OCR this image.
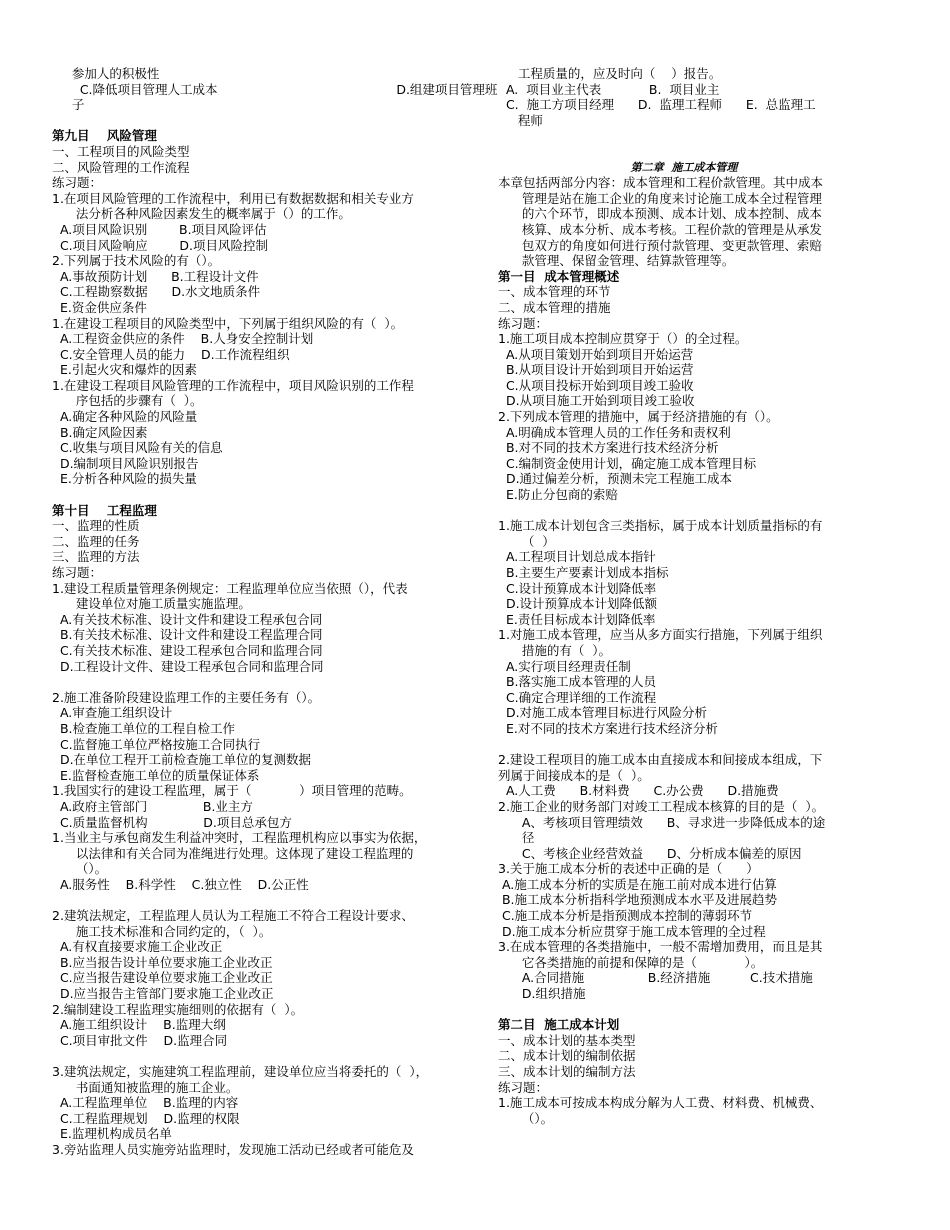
参加人的积极性
C.降低项目管理人工成本                                             D.组建项目管理班
子
第九目    风险管理
一、工程项目的风险类型
二、风险管理的工作流程
练习题：
1.在项目风险管理的工作流程中，利用已有数据数据和相关专业方
法分析各种风险因素发生的概率属于（）的工作。
A.项目风险识别        B.项目风险评估
C.项目风险响应        D.项目风险控制
2.下列属于技术风险的有（）。
A.事故预防计划      B.工程设计文件
C.工程勘察数据      D.水文地质条件
E.资金供应条件
1.在建设工程项目的风险类型中，下列属于组织风险的有（  ）。
A.工程资金供应的条件    B.人身安全控制计划
C.安全管理人员的能力    D.工作流程组织
E.引起火灾和爆炸的因素
1.在建设工程项目风险管理的工作流程中，项目风险识别的工作程
序包括的步骤有（  ）。
A.确定各种风险的风险量
B.确定风险因素
C.收集与项目风险有关的信息
D.编制项目风险识别报告
E.分析各种风险的损失量
第十目    工程监理
一、监理的性质
二、监理的任务
三、监理的方法
练习题：
1.建设工程质量管理条例规定：工程监理单位应当依照（），代表
建设单位对施工质量实施监理。
A.有关技术标准、设计文件和建设工程承包合同
B.有关技术标准、设计文件和建设工程监理合同
C.有关技术标准、建设工程承包合同和监理合同
D.工程设计文件、建设工程承包合同和监理合同
2.施工准备阶段建设监理工作的主要任务有（）。
A.审查施工组织设计
B.检查施工单位的工程自检工作
C.监督施工单位严格按施工合同执行
D.在单位工程开工前检查施工单位的复测数据
E.监督检查施工单位的质量保证体系
1.我国实行的建设工程监理，属于（            ）项目管理的范畴。
A.政府主管部门              B.业主方
C.质量监督机构              D.项目总承包方
1.当业主与承包商发生利益冲突时，工程监理机构应以事实为依据，
以法律和有关合同为准绳进行处理。这体现了建设工程监理的
（）。
A.服务性    B.科学性    C.独立性    D.公正性
2.建筑法规定，工程监理人员认为工程施工不符合工程设计要求、
施工技术标准和合同约定的，（  ）。
A.有权直接要求施工企业改正
B.应当报告设计单位要求施工企业改正
C.应当报告建设单位要求施工企业改正
D.应当报告主管部门要求施工企业改正
2.编制建设工程监理实施细则的依据有（  ）。
A.施工组织设计    B.监理大纲
C.项目审批文件    D.监理合同
3.建筑法规定，实施建筑工程监理前，建设单位应当将委托的（  ），
书面通知被监理的施工企业。
A.工程监理单位    B.监理的内容
C.工程监理规划    D.监理的权限
E.监理机构成员名单
3.旁站监理人员实施旁站监理时，发现施工活动已经或者可能危及
工程质量的，应及时向（    ）报告。
A.  项目业主代表            B.  项目业主
C.  施工方项目经理      D.  监理工程师      E.  总监理工
程师
第二章  施工成本管理
本章包括两部分内容：成本管理和工程价款管理。其中成本
管理是站在施工企业的角度来讨论施工成本全过程管理
的六个环节，即成本预测、成本计划、成本控制、成本
核算、成本分析、成本考核。工程价款的管理是从承发
包双方的角度如何进行预付款管理、变更款管理、索赔
款管理、保留金管理、结算款管理等。
第一目  成本管理概述
一、成本管理的环节
二、成本管理的措施
练习题：
1.施工项目成本控制应贯穿于（）的全过程。
A.从项目策划开始到项目开始运营
B.从项目设计开始到项目开始运营
C.从项目投标开始到项目竣工验收
D.从项目施工开始到项目竣工验收
2.下列成本管理的措施中，属于经济措施的有（）。
A.明确成本管理人员的工作任务和责权利
B.对不同的技术方案进行技术经济分析
C.编制资金使用计划，确定施工成本管理目标
D.通过偏差分析，预测未完工程施工成本
E.防止分包商的索赔
1.施工成本计划包含三类指标，属于成本计划质量指标的有
（  ）
A.工程项目计划总成本指针
B.主要生产要素计划成本指标
C.设计预算成本计划降低率
D.设计预算成本计划降低额
E.责任目标成本计划降低率
1.对施工成本管理，应当从多方面实行措施，下列属于组织
措施的有（  ）。
A.实行项目经理责任制
B.落实施工成本管理的人员
C.确定合理详细的工作流程
D.对施工成本管理目标进行风险分析
E.对不同的技术方案进行技术经济分析
2.建设工程项目的施工成本由直接成本和间接成本组成，下
列属于间接成本的是（  ）。
A.人工费      B.材料费      C.办公费      D.措施费
2.施工企业的财务部门对竣工工程成本核算的目的是（  ）。
A、考核项目管理绩效      B、寻求进一步降低成本的途
径
C、考核企业经营效益      D、分析成本偏差的原因
3.关于施工成本分析的表述中正确的是（      ）
A.施工成本分析的实质是在施工前对成本进行估算
B.施工成本分析指科学地预测成本水平及进展趋势
C.施工成本分析是指预测成本控制的薄弱环节
D.施工成本分析应贯穿于施工成本管理的全过程
3.在成本管理的各类措施中，一般不需增加费用，而且是其
它各类措施的前提和保障的是（            ）。
A.合同措施                B.经济措施          C.技术措施
D.组织措施
第二目  施工成本计划
一、成本计划的基本类型
二、成本计划的编制依据
三、成本计划的编制方法
练习题：
1.施工成本可按成本构成分解为人工费、材料费、机械费、
（）。
